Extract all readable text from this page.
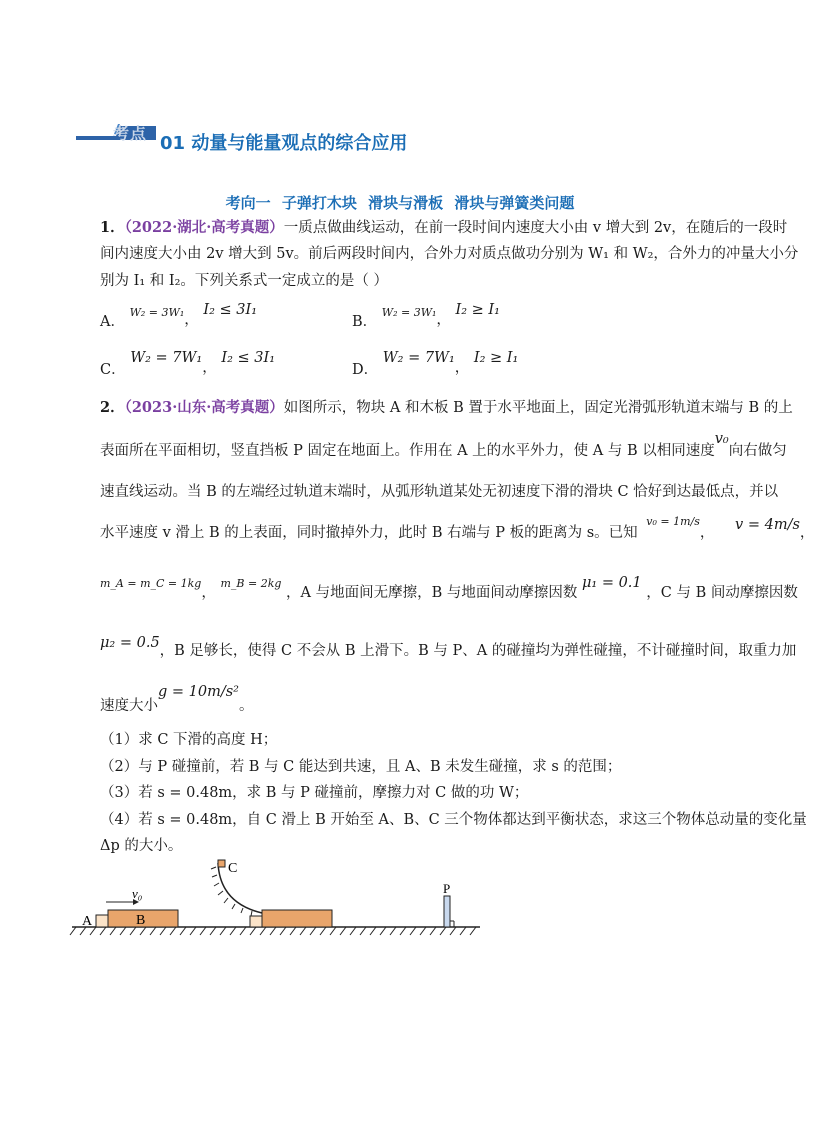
考点 01 动量与能量观点的综合应用
考向一 子弹打木块 滑块与滑板 滑块与弹簧类问题
1．（2022·湖北·高考真题）一质点做曲线运动，在前一段时间内速度大小由 v 增大到 2v，在随后的一段时
间内速度大小由 2v 增大到 5v。前后两段时间内，合外力对质点做功分别为 W₁ 和 W₂，合外力的冲量大小分
别为 I₁ 和 I₂。下列关系式一定成立的是（ ）
A． $^{W_2 = 3W_1}$， I₂ ≤ 3I₁
B． $^{W_2 = 3W_1}$， I₂ ≥ I₁
C． W₂ = 7W₁， I₂ ≤ 3I₁
D． W₂ = 7W₁， I₂ ≥ I₁
2．（2023·山东·高考真题）如图所示，物块 A 和木板 B 置于水平地面上，固定光滑弧形轨道末端与 B 的上
表面所在平面相切，竖直挡板 P 固定在地面上。作用在 A 上的水平外力，使 A 与 B 以相同速度v₀向右做匀
速直线运动。当 B 的左端经过轨道末端时，从弧形轨道某处无初速度下滑的滑块 C 恰好到达最低点，并以
水平速度 v 滑上 B 的上表面，同时撤掉外力，此时 B 右端与 P 板的距离为 s。已知 $^{v_0 = 1m/s}$， v = 4m/s，
$^{m\_A = m\_C = 1kg}$， $^{m\_B = 2kg}$ ，A 与地面间无摩擦，B 与地面间动摩擦因数 μ₁ = 0.1 ，C 与 B 间动摩擦因数
μ₂ = 0.5，B 足够长，使得 C 不会从 B 上滑下。B 与 P、A 的碰撞均为弹性碰撞，不计碰撞时间，取重力加
速度大小g = 10m/s²。
（1）求 C 下滑的高度 H；
（2）与 P 碰撞前，若 B 与 C 能达到共速，且 A、B 未发生碰撞，求 s 的范围；
（3）若 s = 0.48m，求 B 与 P 碰撞前，摩擦力对 C 做的功 W；
（4）若 s = 0.48m，自 C 滑上 B 开始至 A、B、C 三个物体都达到平衡状态，求这三个物体总动量的变化量
Δp 的大小。
A	B
v₀
C
P
